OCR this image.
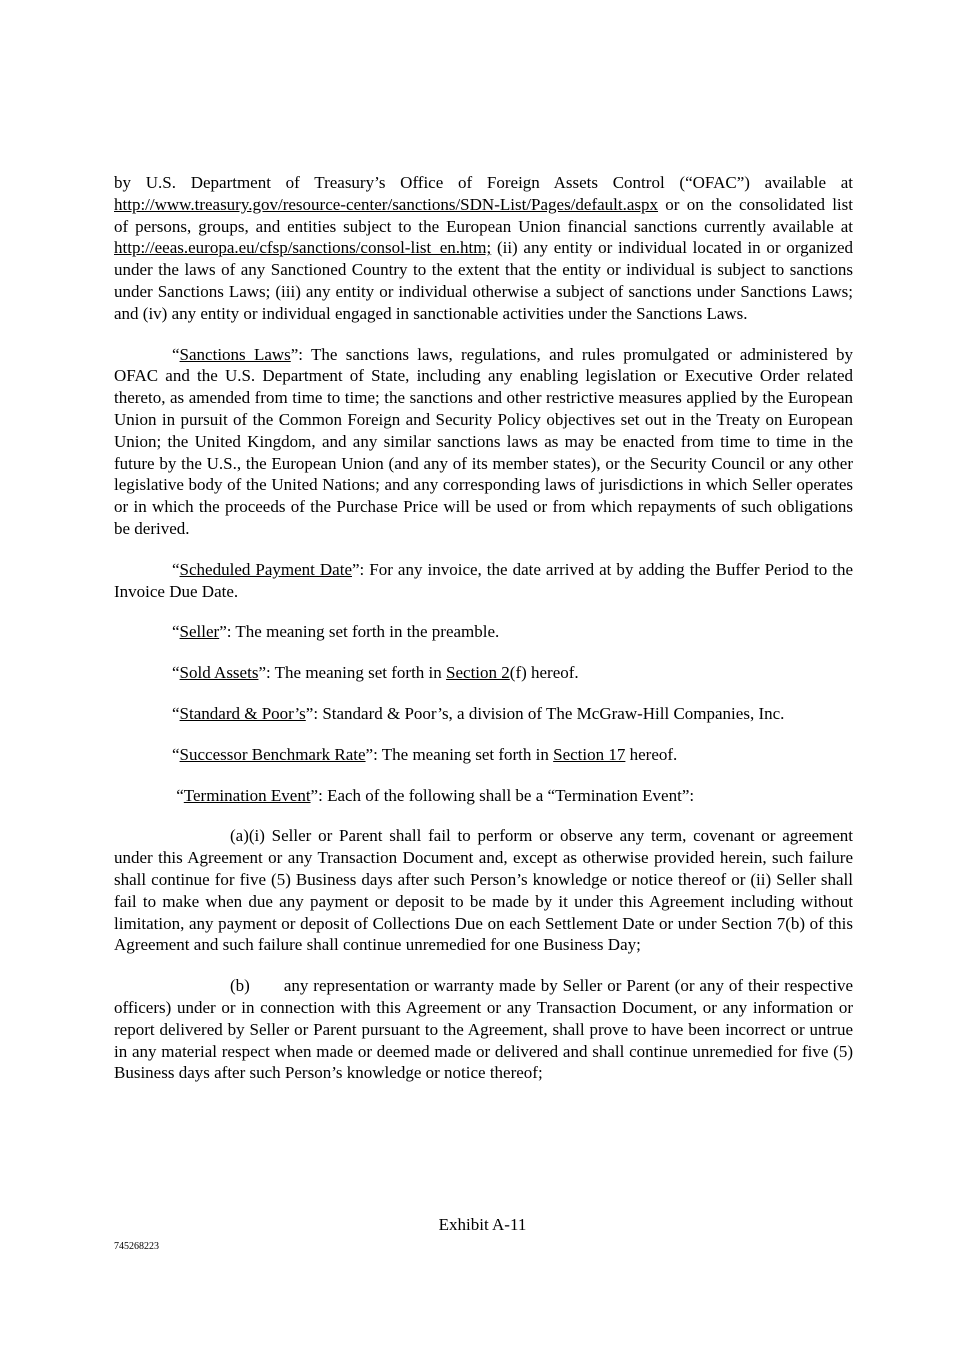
by U.S. Department of Treasury’s Office of Foreign Assets Control (“OFAC”) available at http://www.treasury.gov/resource-center/sanctions/SDN-List/Pages/default.aspx or on the consolidated list of persons, groups, and entities subject to the European Union financial sanctions currently available at http://eeas.europa.eu/cfsp/sanctions/consol-list_en.htm; (ii) any entity or individual located in or organized under the laws of any Sanctioned Country to the extent that the entity or individual is subject to sanctions under Sanctions Laws; (iii) any entity or individual otherwise a subject of sanctions under Sanctions Laws; and (iv) any entity or individual engaged in sanctionable activities under the Sanctions Laws.

“Sanctions Laws”: The sanctions laws, regulations, and rules promulgated or administered by OFAC and the U.S. Department of State, including any enabling legislation or Executive Order related thereto, as amended from time to time; the sanctions and other restrictive measures applied by the European Union in pursuit of the Common Foreign and Security Policy objectives set out in the Treaty on European Union; the United Kingdom, and any similar sanctions laws as may be enacted from time to time in the future by the U.S., the European Union (and any of its member states), or the Security Council or any other legislative body of the United Nations; and any corresponding laws of jurisdictions in which Seller operates or in which the proceeds of the Purchase Price will be used or from which repayments of such obligations be derived.

“Scheduled Payment Date”: For any invoice, the date arrived at by adding the Buffer Period to the Invoice Due Date.

“Seller”: The meaning set forth in the preamble.

“Sold Assets”: The meaning set forth in Section 2(f) hereof.

“Standard & Poor’s”: Standard & Poor’s, a division of The McGraw-Hill Companies, Inc.

“Successor Benchmark Rate”: The meaning set forth in Section 17 hereof.

“Termination Event”: Each of the following shall be a “Termination Event”:

(a)(i) Seller or Parent shall fail to perform or observe any term, covenant or agreement under this Agreement or any Transaction Document and, except as otherwise provided herein, such failure shall continue for five (5) Business days after such Person’s knowledge or notice thereof or (ii) Seller shall fail to make when due any payment or deposit to be made by it under this Agreement including without limitation, any payment or deposit of Collections Due on each Settlement Date or under Section 7(b) of this Agreement and such failure shall continue unremedied for one Business Day;

(b) any representation or warranty made by Seller or Parent (or any of their respective officers) under or in connection with this Agreement or any Transaction Document, or any information or report delivered by Seller or Parent pursuant to the Agreement, shall prove to have been incorrect or untrue in any material respect when made or deemed made or delivered and shall continue unremedied for five (5) Business days after such Person’s knowledge or notice thereof;

Exhibit A-11
745268223
